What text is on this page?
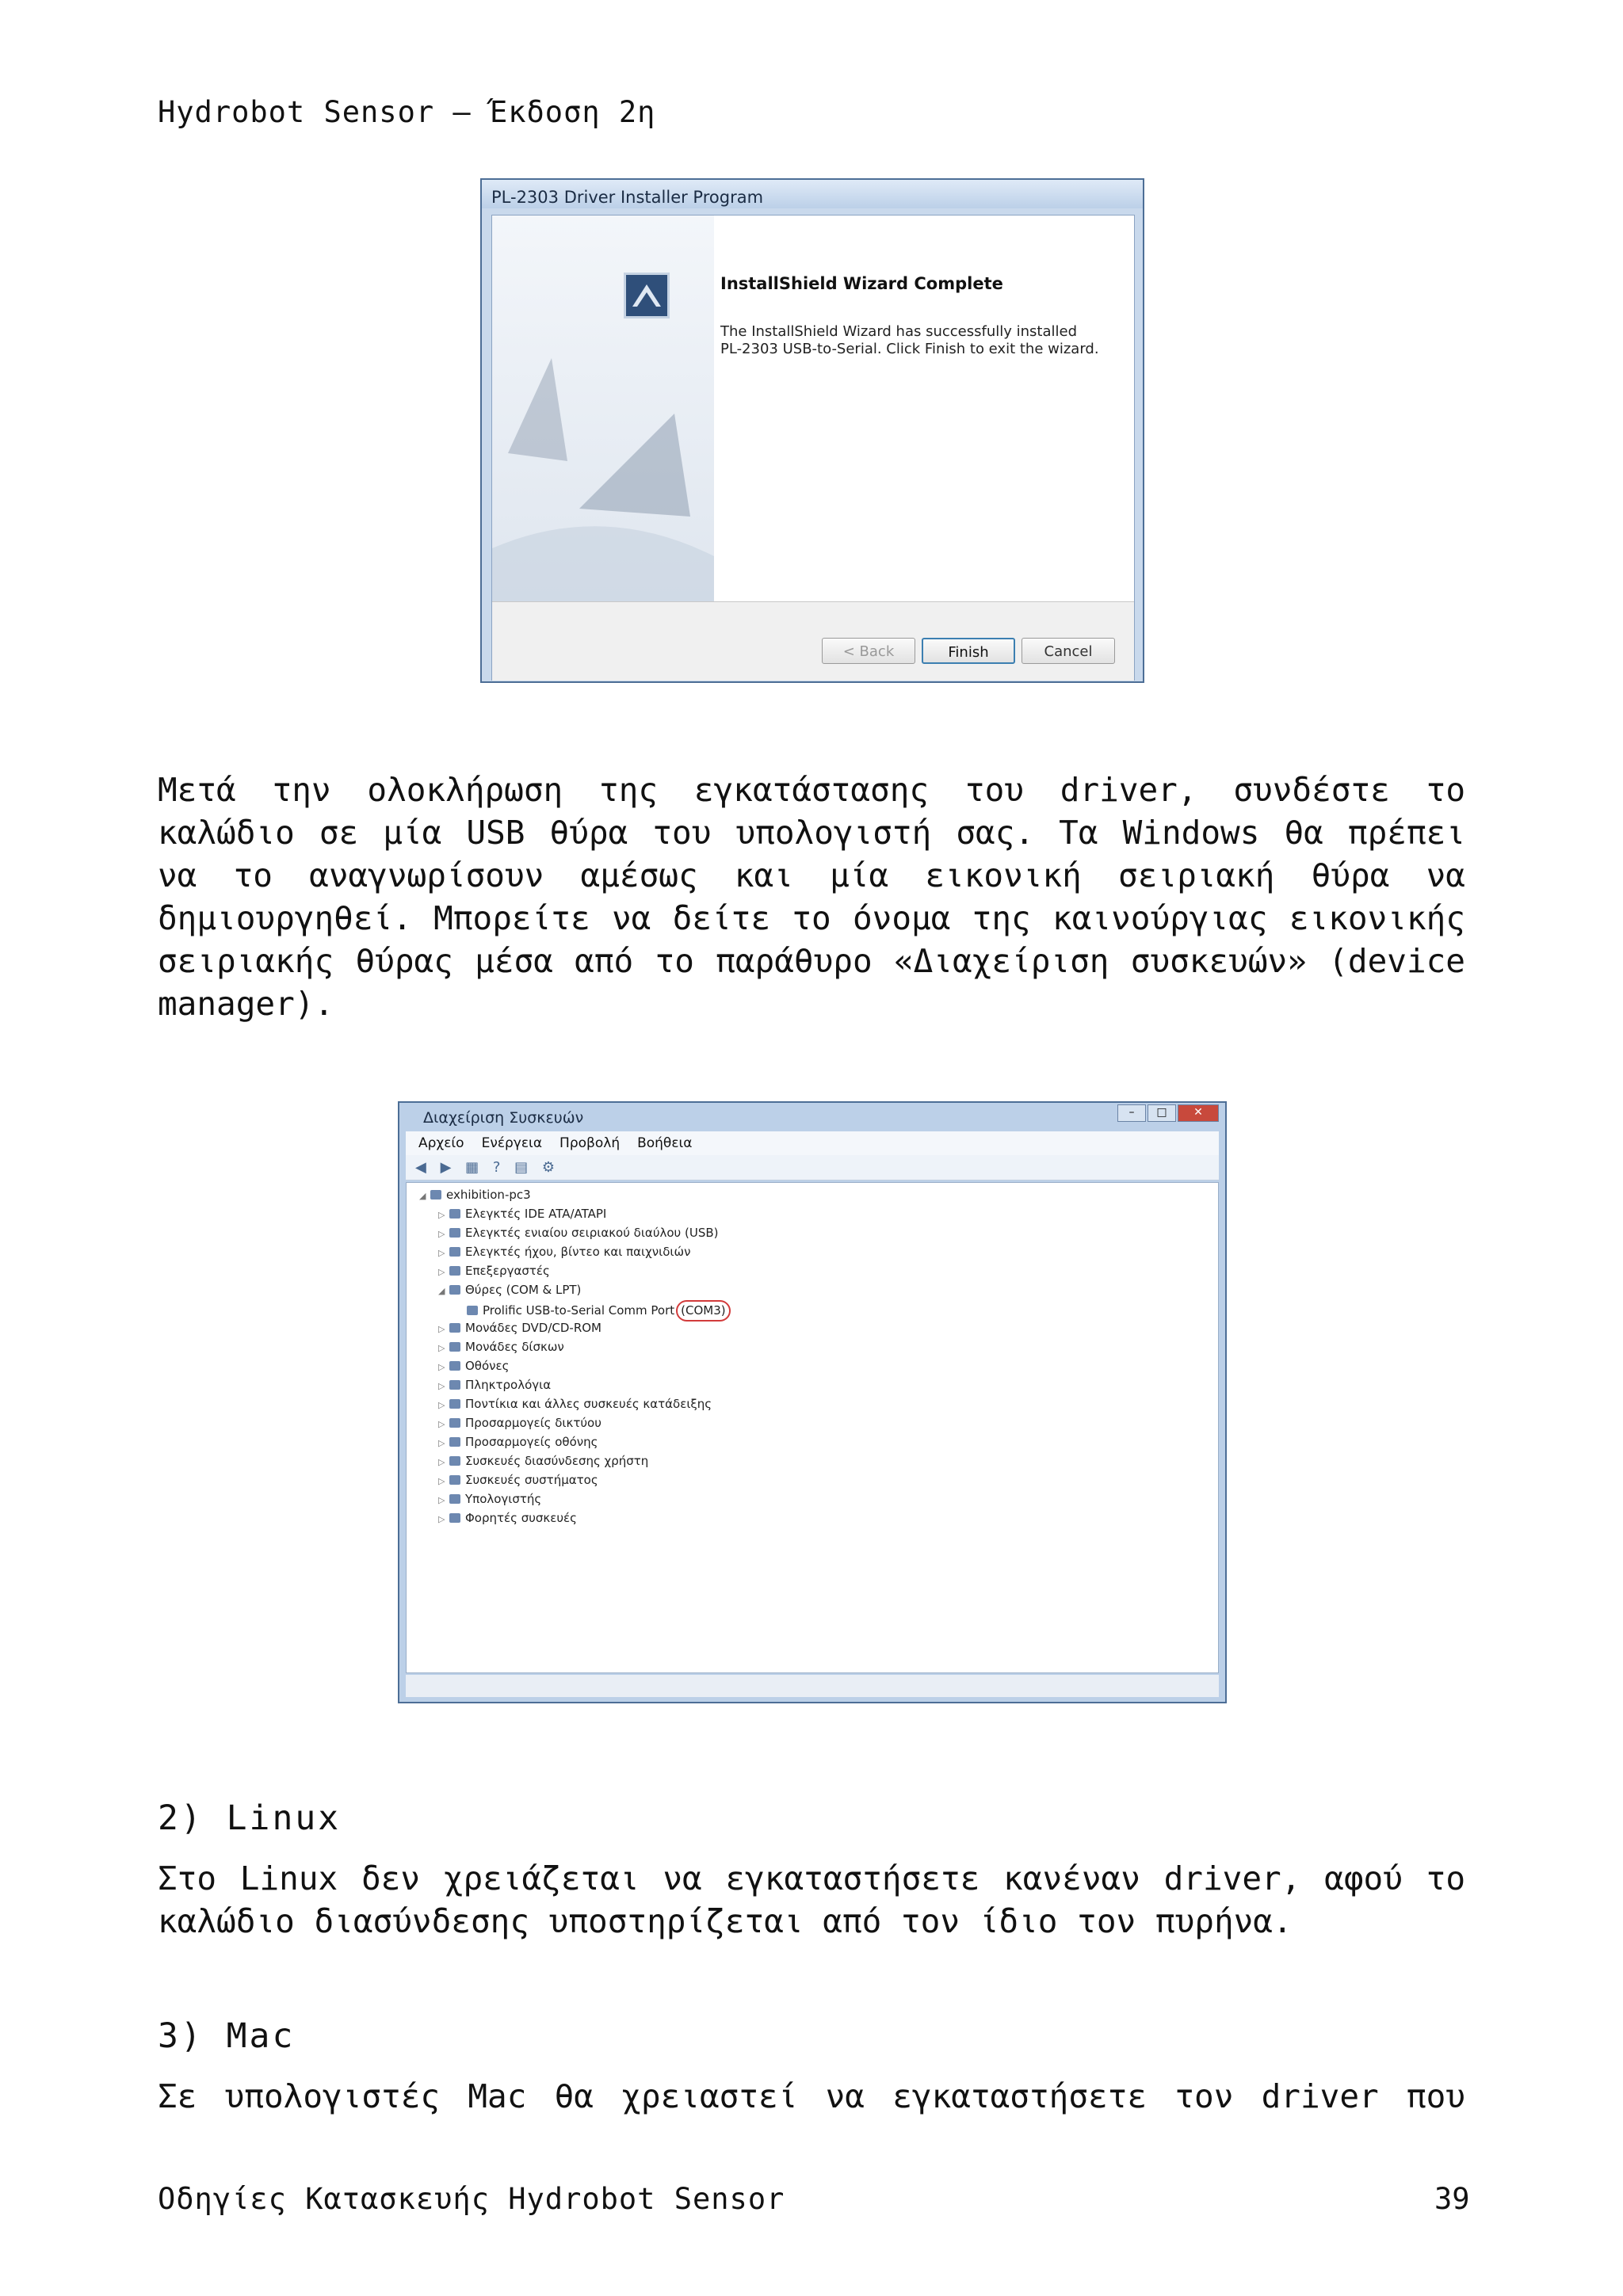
Hydrobot Sensor – Έκδοση 2η
PL-2303 Driver Installer Program
InstallShield Wizard Complete
The InstallShield Wizard has successfully installed PL-2303 USB-to-Serial. Click Finish to exit the wizard.
< Back	Finish	Cancel
Μετά την ολοκλήρωση της εγκατάστασης του driver, συνδέστε το
καλώδιο σε μία USB θύρα του υπολογιστή σας. Τα Windows θα πρέπει
να το αναγνωρίσουν αμέσως και μία εικονική σειριακή θύρα να
δημιουργηθεί. Μπορείτε να δείτε το όνομα της καινούργιας εικονικής
σειριακής θύρας μέσα από το παράθυρο «Διαχείριση συσκευών» (device
manager).
Διαχείριση Συσκευών	–	□	✕
Αρχείο Ενέργεια Προβολή Βοήθεια
◀ ▶ ▦ ? ▤ ⚙
◢ exhibition-pc3
▷ Ελεγκτές IDE ATA/ATAPI
▷ Ελεγκτές ενιαίου σειριακού διαύλου (USB)
▷ Ελεγκτές ήχου, βίντεο και παιχνιδιών
▷ Επεξεργαστές
◢ Θύρες (COM & LPT)
Prolific USB-to-Serial Comm Port (COM3)
▷ Μονάδες DVD/CD-ROM
▷ Μονάδες δίσκων
▷ Οθόνες
▷ Πληκτρολόγια
▷ Ποντίκια και άλλες συσκευές κατάδειξης
▷ Προσαρμογείς δικτύου
▷ Προσαρμογείς οθόνης
▷ Συσκευές διασύνδεσης χρήστη
▷ Συσκευές συστήματος
▷ Υπολογιστής
▷ Φορητές συσκευές
2) Linux
Στο Linux δεν χρειάζεται να εγκαταστήσετε κανέναν driver, αφού το
καλώδιο διασύνδεσης υποστηρίζεται από τον ίδιο τον πυρήνα.
3) Mac
Σε υπολογιστές Mac θα χρειαστεί να εγκαταστήσετε τον driver που
Οδηγίες Κατασκευής Hydrobot Sensor	39
